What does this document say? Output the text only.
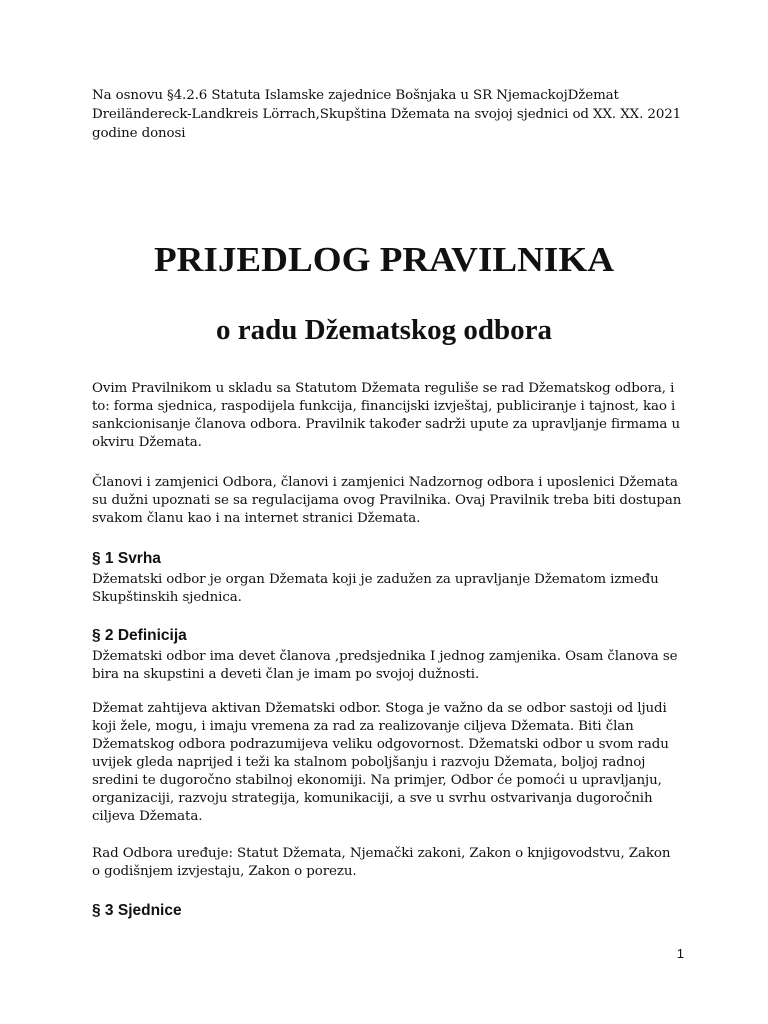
Na osnovu §4.2.6 Statuta Islamske zajednice Bošnjaka u SR NjemackojDžemat Dreiländereck-Landkreis Lörrach,Skupština Džemata na svojoj sjednici od XX. XX. 2021 godine donosi

PRIJEDLOG PRAVILNIKA
o radu Džematskog odbora

Ovim Pravilnikom u skladu sa Statutom Džemata reguliše se rad Džematskog odbora, i to: forma sjednica, raspodijela funkcija, financijski izvještaj, publiciranje i tajnost, kao i sankcionisanje članova odbora. Pravilnik također sadrži upute za upravljanje firmama u okviru Džemata.

Članovi i zamjenici Odbora, članovi i zamjenici Nadzornog odbora i uposlenici Džemata su dužni upoznati se sa regulacijama ovog Pravilnika. Ovaj Pravilnik treba biti dostupan svakom članu kao i na internet stranici Džemata.

§ 1 Svrha

Džematski odbor je organ Džemata koji je zadužen za upravljanje Džematom između Skupštinskih sjednica.

§ 2 Definicija

Džematski odbor ima devet članova ,predsjednika I jednog zamjenika. Osam članova se bira na skupstini a deveti član je imam po svojoj dužnosti.

Džemat zahtijeva aktivan Džematski odbor. Stoga je važno da se odbor sastoji od ljudi koji žele, mogu, i imaju vremena za rad za realizovanje ciljeva Džemata. Biti član Džematskog odbora podrazumijeva veliku odgovornost. Džematski odbor u svom radu uvijek gleda naprijed i teži ka stalnom poboljšanju i razvoju Džemata, boljoj radnoj sredini te dugoročno stabilnoj ekonomiji. Na primjer, Odbor će pomoći u upravljanju, organizaciji, razvoju strategija, komunikaciji, a sve u svrhu ostvarivanja dugoročnih ciljeva Džemata.

Rad Odbora uređuje: Statut Džemata, Njemački zakoni, Zakon o knjigovodstvu, Zakon o godišnjem izvjestaju, Zakon o porezu.

§ 3 Sjednice
1
